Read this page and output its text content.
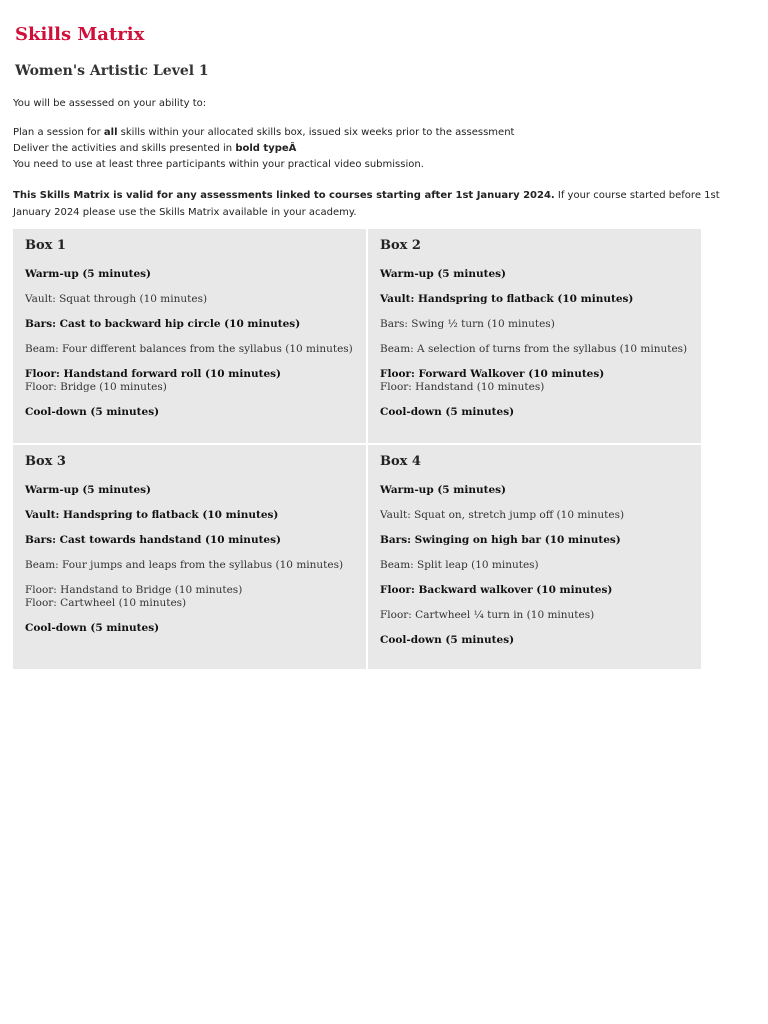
Skills Matrix
Women's Artistic Level 1

You will be assessed on your ability to:

Plan a session for all skills within your allocated skills box, issued six weeks prior to the assessment
Deliver the activities and skills presented in bold typeÂ
You need to use at least three participants within your practical video submission.
This Skills Matrix is valid for any assessments linked to courses starting after 1st January 2024. If your course started before 1st January 2024 please use the Skills Matrix available in your academy.
Box 1
Warm-up (5 minutes)
Vault: Squat through (10 minutes)
Bars: Cast to backward hip circle (10 minutes)
Beam: Four different balances from the syllabus (10 minutes)
Floor: Handstand forward roll (10 minutes)
Floor: Bridge (10 minutes)
Cool-down (5 minutes)
Box 2
Warm-up (5 minutes)
Vault: Handspring to flatback (10 minutes)
Bars: Swing ½ turn (10 minutes)
Beam: A selection of turns from the syllabus (10 minutes)
Floor: Forward Walkover (10 minutes)
Floor: Handstand (10 minutes)
Cool-down (5 minutes)
Box 3
Warm-up (5 minutes)
Vault: Handspring to flatback (10 minutes)
Bars: Cast towards handstand (10 minutes)
Beam: Four jumps and leaps from the syllabus (10 minutes)
Floor: Handstand to Bridge (10 minutes)
Floor: Cartwheel (10 minutes)
Cool-down (5 minutes)
Box 4
Warm-up (5 minutes)
Vault: Squat on, stretch jump off (10 minutes)
Bars: Swinging on high bar (10 minutes)
Beam: Split leap (10 minutes)
Floor: Backward walkover (10 minutes)
Floor: Cartwheel ¼ turn in (10 minutes)
Cool-down (5 minutes)
